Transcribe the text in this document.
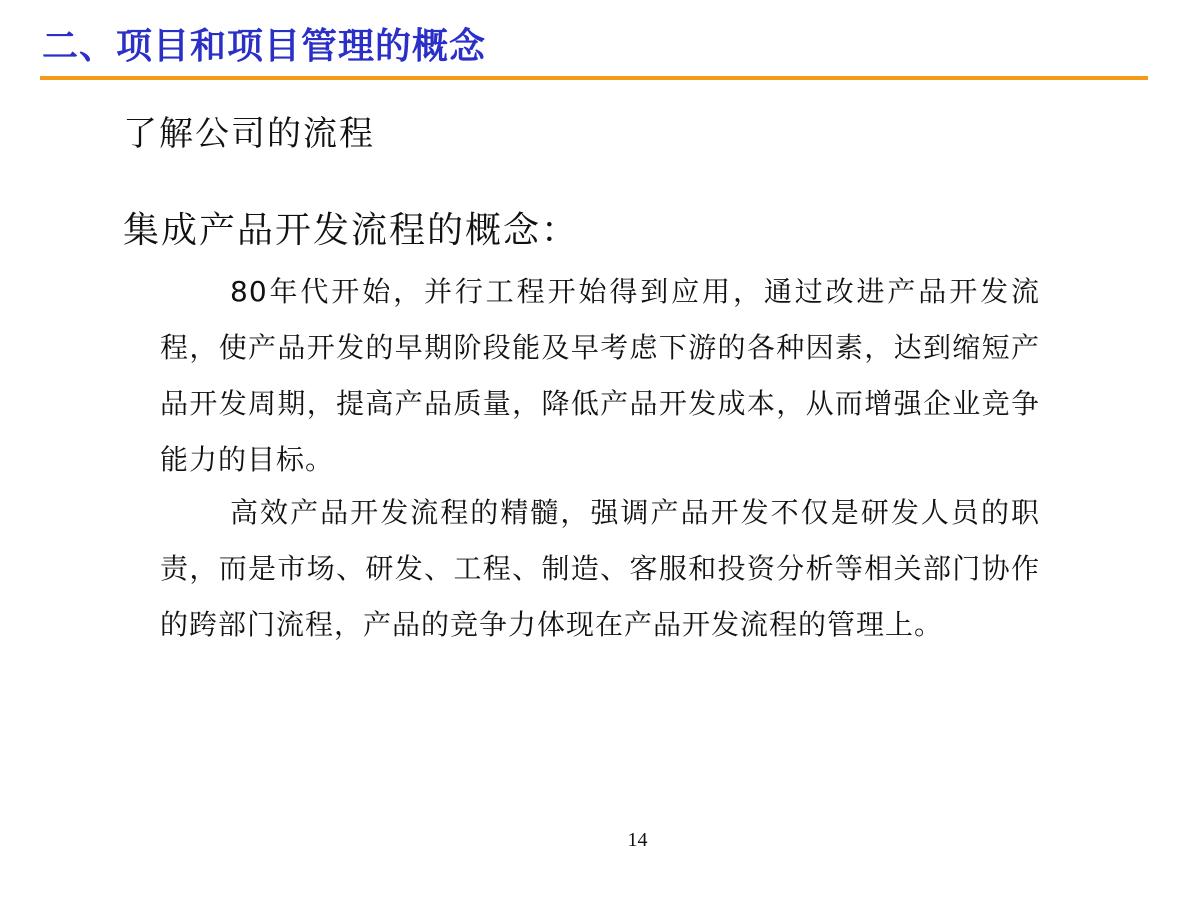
二、项目和项目管理的概念
了解公司的流程
集成产品开发流程的概念：
80年代开始，并行工程开始得到应用，通过改进产品开发流程，使产品开发的早期阶段能及早考虑下游的各种因素，达到缩短产品开发周期，提高产品质量，降低产品开发成本，从而增强企业竞争能力的目标。
高效产品开发流程的精髓，强调产品开发不仅是研发人员的职责，而是市场、研发、工程、制造、客服和投资分析等相关部门协作的跨部门流程，产品的竞争力体现在产品开发流程的管理上。
14
